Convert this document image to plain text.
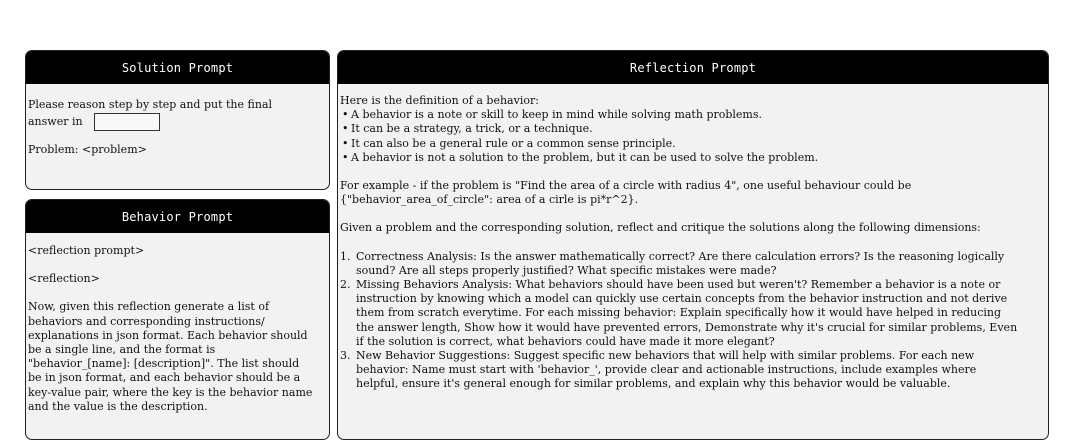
Solution Prompt

Please reason step by step and put the final

answer in

Problem: <problem>

Behavior Prompt

<reflection prompt>

<reflection>

Now, given this reflection generate a list of

behaviors and corresponding instructions/

explanations in json format. Each behavior should

be a single line, and the format is

"behavior_[name]: [description]". The list should

be in json format, and each behavior should be a

key-value pair, where the key is the behavior name

and the value is the description.

Reflection Prompt

Here is the definition of a behavior:

• A behavior is a note or skill to keep in mind while solving math problems.
• It can be a strategy, a trick, or a technique.
• It can also be a general rule or a common sense principle.
• A behavior is not a solution to the problem, but it can be used to solve the problem.

For example - if the problem is "Find the area of a circle with radius 4", one useful behaviour could be

{"behavior_area_of_circle": area of a cirle is pi*r^2}.

Given a problem and the corresponding solution, reflect and critique the solutions along the following dimensions:

1. Correctness Analysis: Is the answer mathematically correct? Are there calculation errors? Is the reasoning logically

sound? Are all steps properly justified? What specific mistakes were made?

2. Missing Behaviors Analysis: What behaviors should have been used but weren't? Remember a behavior is a note or

instruction by knowing which a model can quickly use certain concepts from the behavior instruction and not derive

them from scratch everytime. For each missing behavior: Explain specifically how it would have helped in reducing

the answer length, Show how it would have prevented errors, Demonstrate why it's crucial for similar problems, Even

if the solution is correct, what behaviors could have made it more elegant?

3. New Behavior Suggestions: Suggest specific new behaviors that will help with similar problems. For each new

behavior: Name must start with 'behavior_', provide clear and actionable instructions, include examples where

helpful, ensure it's general enough for similar problems, and explain why this behavior would be valuable.
